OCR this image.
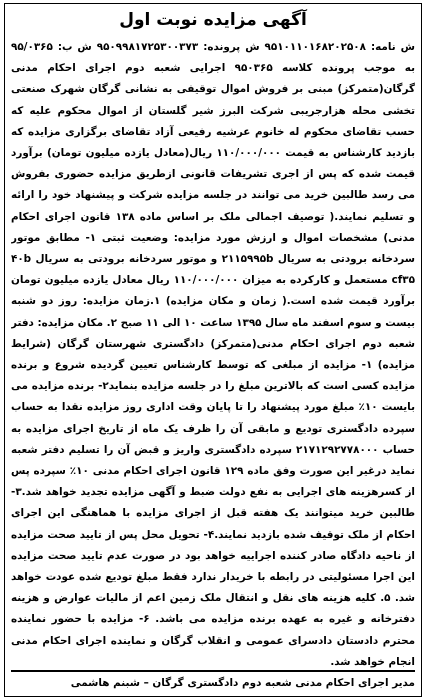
آگهی مزایده نوبت اول

ش نامه: ۹۵۱۰۱۱۰۱۶۸۲۰۲۵۰۸ ش پرونده: ۹۵۰۹۹۸۱۷۲۵۳۰۰۳۷۳ ش ب: ۹۵/۰۳۶۵ به موجب پرونده کلاسه ۹۵۰۳۶۵ اجرایی شعبه دوم اجرای احکام مدنی گرگان(متمرکز) مبنی بر فروش اموال توقیفی به نشانی گرگان شهرک صنعتی تخشی محله هزارجریبی شرکت البرز شیر گلستان از اموال محکوم علیه که حسب تقاضای محکوم له خانوم عرشیه رفیعی آزاد تقاضای برگزاری مزایده که بازدید کارشناس به قیمت ۱۱۰/۰۰۰/۰۰۰ ریال(معادل یازده میلیون تومان) برآورد قیمت شده که پس از اجری تشریفات قانونی ازطریق مزایده حضوری بفروش می رسد طالبین خرید می توانند در جلسه مزایده شرکت و پیشنهاد خود را ارائه و تسلیم نمایند.( توصیف اجمالی ملک بر اساس ماده ۱۳۸ قانون اجرای احکام مدنی) مشخصات اموال و ارزش مورد مزایده: وضعیت ثبتی ۱- مطابق موتور سردخانه برودتی به سریال ۲۱۱۵۹۹۵b و موتور سردخانه برودتی به سریال ۴۰b cf۳۵ مستعمل و کارکرده به میزان ۱۱۰/۰۰۰/۰۰۰ ریال معادل یازده میلیون تومان برآورد قیمت شده است.( زمان و مکان مزایده) ۱.زمان مزایده: روز دو شنبه بیست و سوم اسفند ماه سال ۱۳۹۵ ساعت ۱۰ الی ۱۱ صبح ۲. مکان مزایده: دفتر شعبه دوم اجرای احکام مدنی(متمرکز) دادگستری شهرستان گرگان (شرایط مزایده) ۱- مزایده از مبلغی که توسط کارشناس تعیین گردیده شروع و برنده مزایده کسی است که بالاترین مبلغ را در جلسه مزایده بنماید۲- برنده مزایده می بایست ۱۰٪ مبلغ مورد پیشنهاد را تا پایان وقت اداری روز مزایده نقدا به حساب سپرده دادگستری تودیع و مابقی آن را ظرف یک ماه از تاریخ اجرای مزایده به حساب ۲۱۷۱۲۹۲۷۷۸۰۰۰ سپرده دادگستری واریز و قبض آن را تسلیم دفتر شعبه نماید درغیر این صورت وفق ماده ۱۲۹ قانون اجرای احکام مدنی ۱۰٪ سپرده پس از کسرهزینه های اجرایی به نفع دولت ضبط و آگهی مزایده تجدید خواهد شد.۳- طالبین خرید میتوانند یک هفته قبل از اجرای مزایده با هماهنگی این اجرای احکام از ملک توقیف شده بازدید نمایند.۴- تحویل محل پس از تایید صحت مزایده از ناحیه دادگاه صادر کننده اجراییه خواهد بود در صورت عدم تایید صحت مزایده این اجرا مسئولیتی در رابطه با خریدار ندارد فقط مبلغ تودیع شده عودت خواهد شد. ۵. کلیه هزینه های نقل و انتقال ملک زمین اعم از مالیات عوارض و هزینه دفترخانه و غیره به عهده برنده مزایده می باشد. ۶- مزایده با حضور نماینده محترم دادستان دادسرای عمومی و انقلاب گرگان و نماینده اجرای احکام مدنی انجام خواهد شد.

مدیر اجرای احکام مدنی شعبه دوم دادگستری گرگان – شبنم هاشمی
